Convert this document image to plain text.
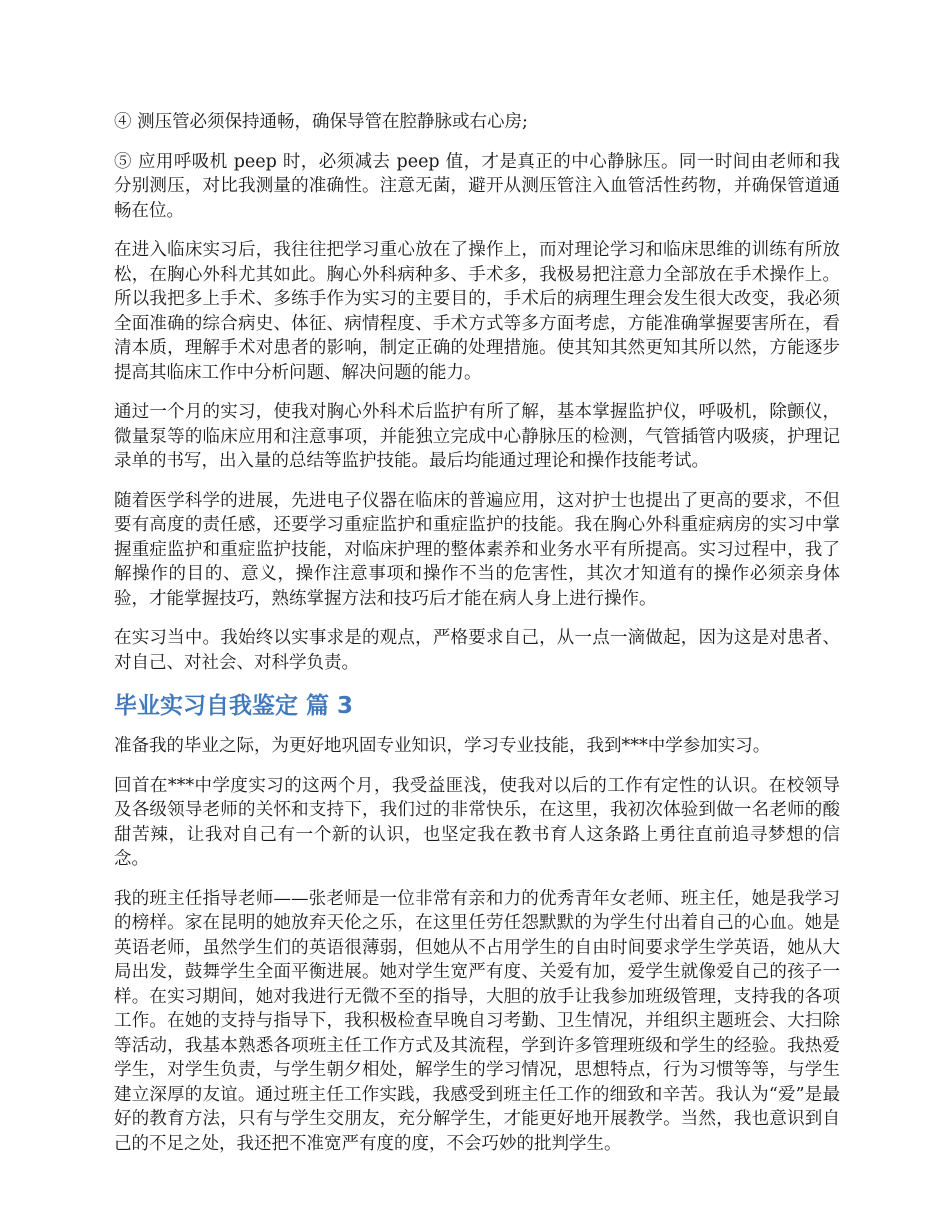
④ 测压管必须保持通畅，确保导管在腔静脉或右心房;

⑤ 应用呼吸机 peep 时，必须减去 peep 值，才是真正的中心静脉压。同一时间由老师和我分别测压，对比我测量的准确性。注意无菌，避开从测压管注入血管活性药物，并确保管道通畅在位。

在进入临床实习后，我往往把学习重心放在了操作上，而对理论学习和临床思维的训练有所放松，在胸心外科尤其如此。胸心外科病种多、手术多，我极易把注意力全部放在手术操作上。所以我把多上手术、多练手作为实习的主要目的，手术后的病理生理会发生很大改变，我必须全面准确的综合病史、体征、病情程度、手术方式等多方面考虑，方能准确掌握要害所在，看清本质，理解手术对患者的影响，制定正确的处理措施。使其知其然更知其所以然，方能逐步提高其临床工作中分析问题、解决问题的能力。

通过一个月的实习，使我对胸心外科术后监护有所了解，基本掌握监护仪，呼吸机，除颤仪，微量泵等的临床应用和注意事项，并能独立完成中心静脉压的检测，气管插管内吸痰，护理记录单的书写，出入量的总结等监护技能。最后均能通过理论和操作技能考试。

随着医学科学的进展，先进电子仪器在临床的普遍应用，这对护士也提出了更高的要求，不但要有高度的责任感，还要学习重症监护和重症监护的技能。我在胸心外科重症病房的实习中掌握重症监护和重症监护技能，对临床护理的整体素养和业务水平有所提高。实习过程中，我了解操作的目的、意义，操作注意事项和操作不当的危害性，其次才知道有的操作必须亲身体验，才能掌握技巧，熟练掌握方法和技巧后才能在病人身上进行操作。

在实习当中。我始终以实事求是的观点，严格要求自己，从一点一滴做起，因为这是对患者、对自己、对社会、对科学负责。

毕业实习自我鉴定 篇 3

准备我的毕业之际，为更好地巩固专业知识，学习专业技能，我到***中学参加实习。

回首在***中学度实习的这两个月，我受益匪浅，使我对以后的工作有定性的认识。在校领导及各级领导老师的关怀和支持下，我们过的非常快乐，在这里，我初次体验到做一名老师的酸甜苦辣，让我对自己有一个新的认识，也坚定我在教书育人这条路上勇往直前追寻梦想的信念。

我的班主任指导老师——张老师是一位非常有亲和力的优秀青年女老师、班主任，她是我学习的榜样。家在昆明的她放弃天伦之乐，在这里任劳任怨默默的为学生付出着自己的心血。她是英语老师，虽然学生们的英语很薄弱，但她从不占用学生的自由时间要求学生学英语，她从大局出发，鼓舞学生全面平衡进展。她对学生宽严有度、关爱有加，爱学生就像爱自己的孩子一样。在实习期间，她对我进行无微不至的指导，大胆的放手让我参加班级管理，支持我的各项工作。在她的支持与指导下，我积极检查早晚自习考勤、卫生情况，并组织主题班会、大扫除等活动，我基本熟悉各项班主任工作方式及其流程，学到许多管理班级和学生的经验。我热爱学生，对学生负责，与学生朝夕相处，解学生的学习情况，思想特点，行为习惯等等，与学生建立深厚的友谊。通过班主任工作实践，我感受到班主任工作的细致和辛苦。我认为“爱”是最好的教育方法，只有与学生交朋友，充分解学生，才能更好地开展教学。当然，我也意识到自己的不足之处，我还把不准宽严有度的度，不会巧妙的批判学生。
